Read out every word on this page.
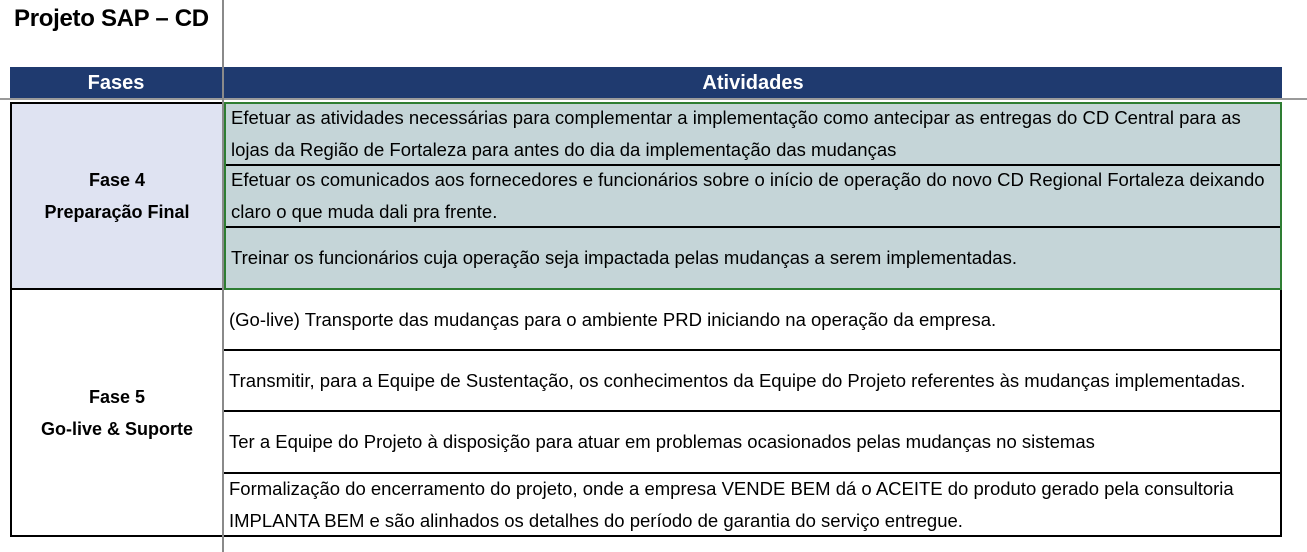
Projeto SAP – CD
Fases	Atividades
Fase 4
Preparação Final
Efetuar as atividades necessárias para complementar a implementação como antecipar as entregas do CD Central para as lojas da Região de Fortaleza para antes do dia da implementação das mudanças
Efetuar os comunicados aos fornecedores e funcionários sobre o início de operação do novo CD Regional Fortaleza deixando claro o que muda dali pra frente.
Treinar os funcionários cuja operação seja impactada pelas mudanças a serem implementadas.
Fase 5
Go-live & Suporte
(Go-live) Transporte das mudanças para o ambiente PRD iniciando na operação da empresa.
Transmitir, para a Equipe de Sustentação, os conhecimentos da Equipe do Projeto referentes às mudanças implementadas.
Ter a Equipe do Projeto à disposição para atuar em problemas ocasionados pelas mudanças no sistemas
Formalização do encerramento do projeto, onde a empresa VENDE BEM dá o ACEITE do produto gerado pela consultoria IMPLANTA BEM e são alinhados os detalhes do período de garantia do serviço entregue.
